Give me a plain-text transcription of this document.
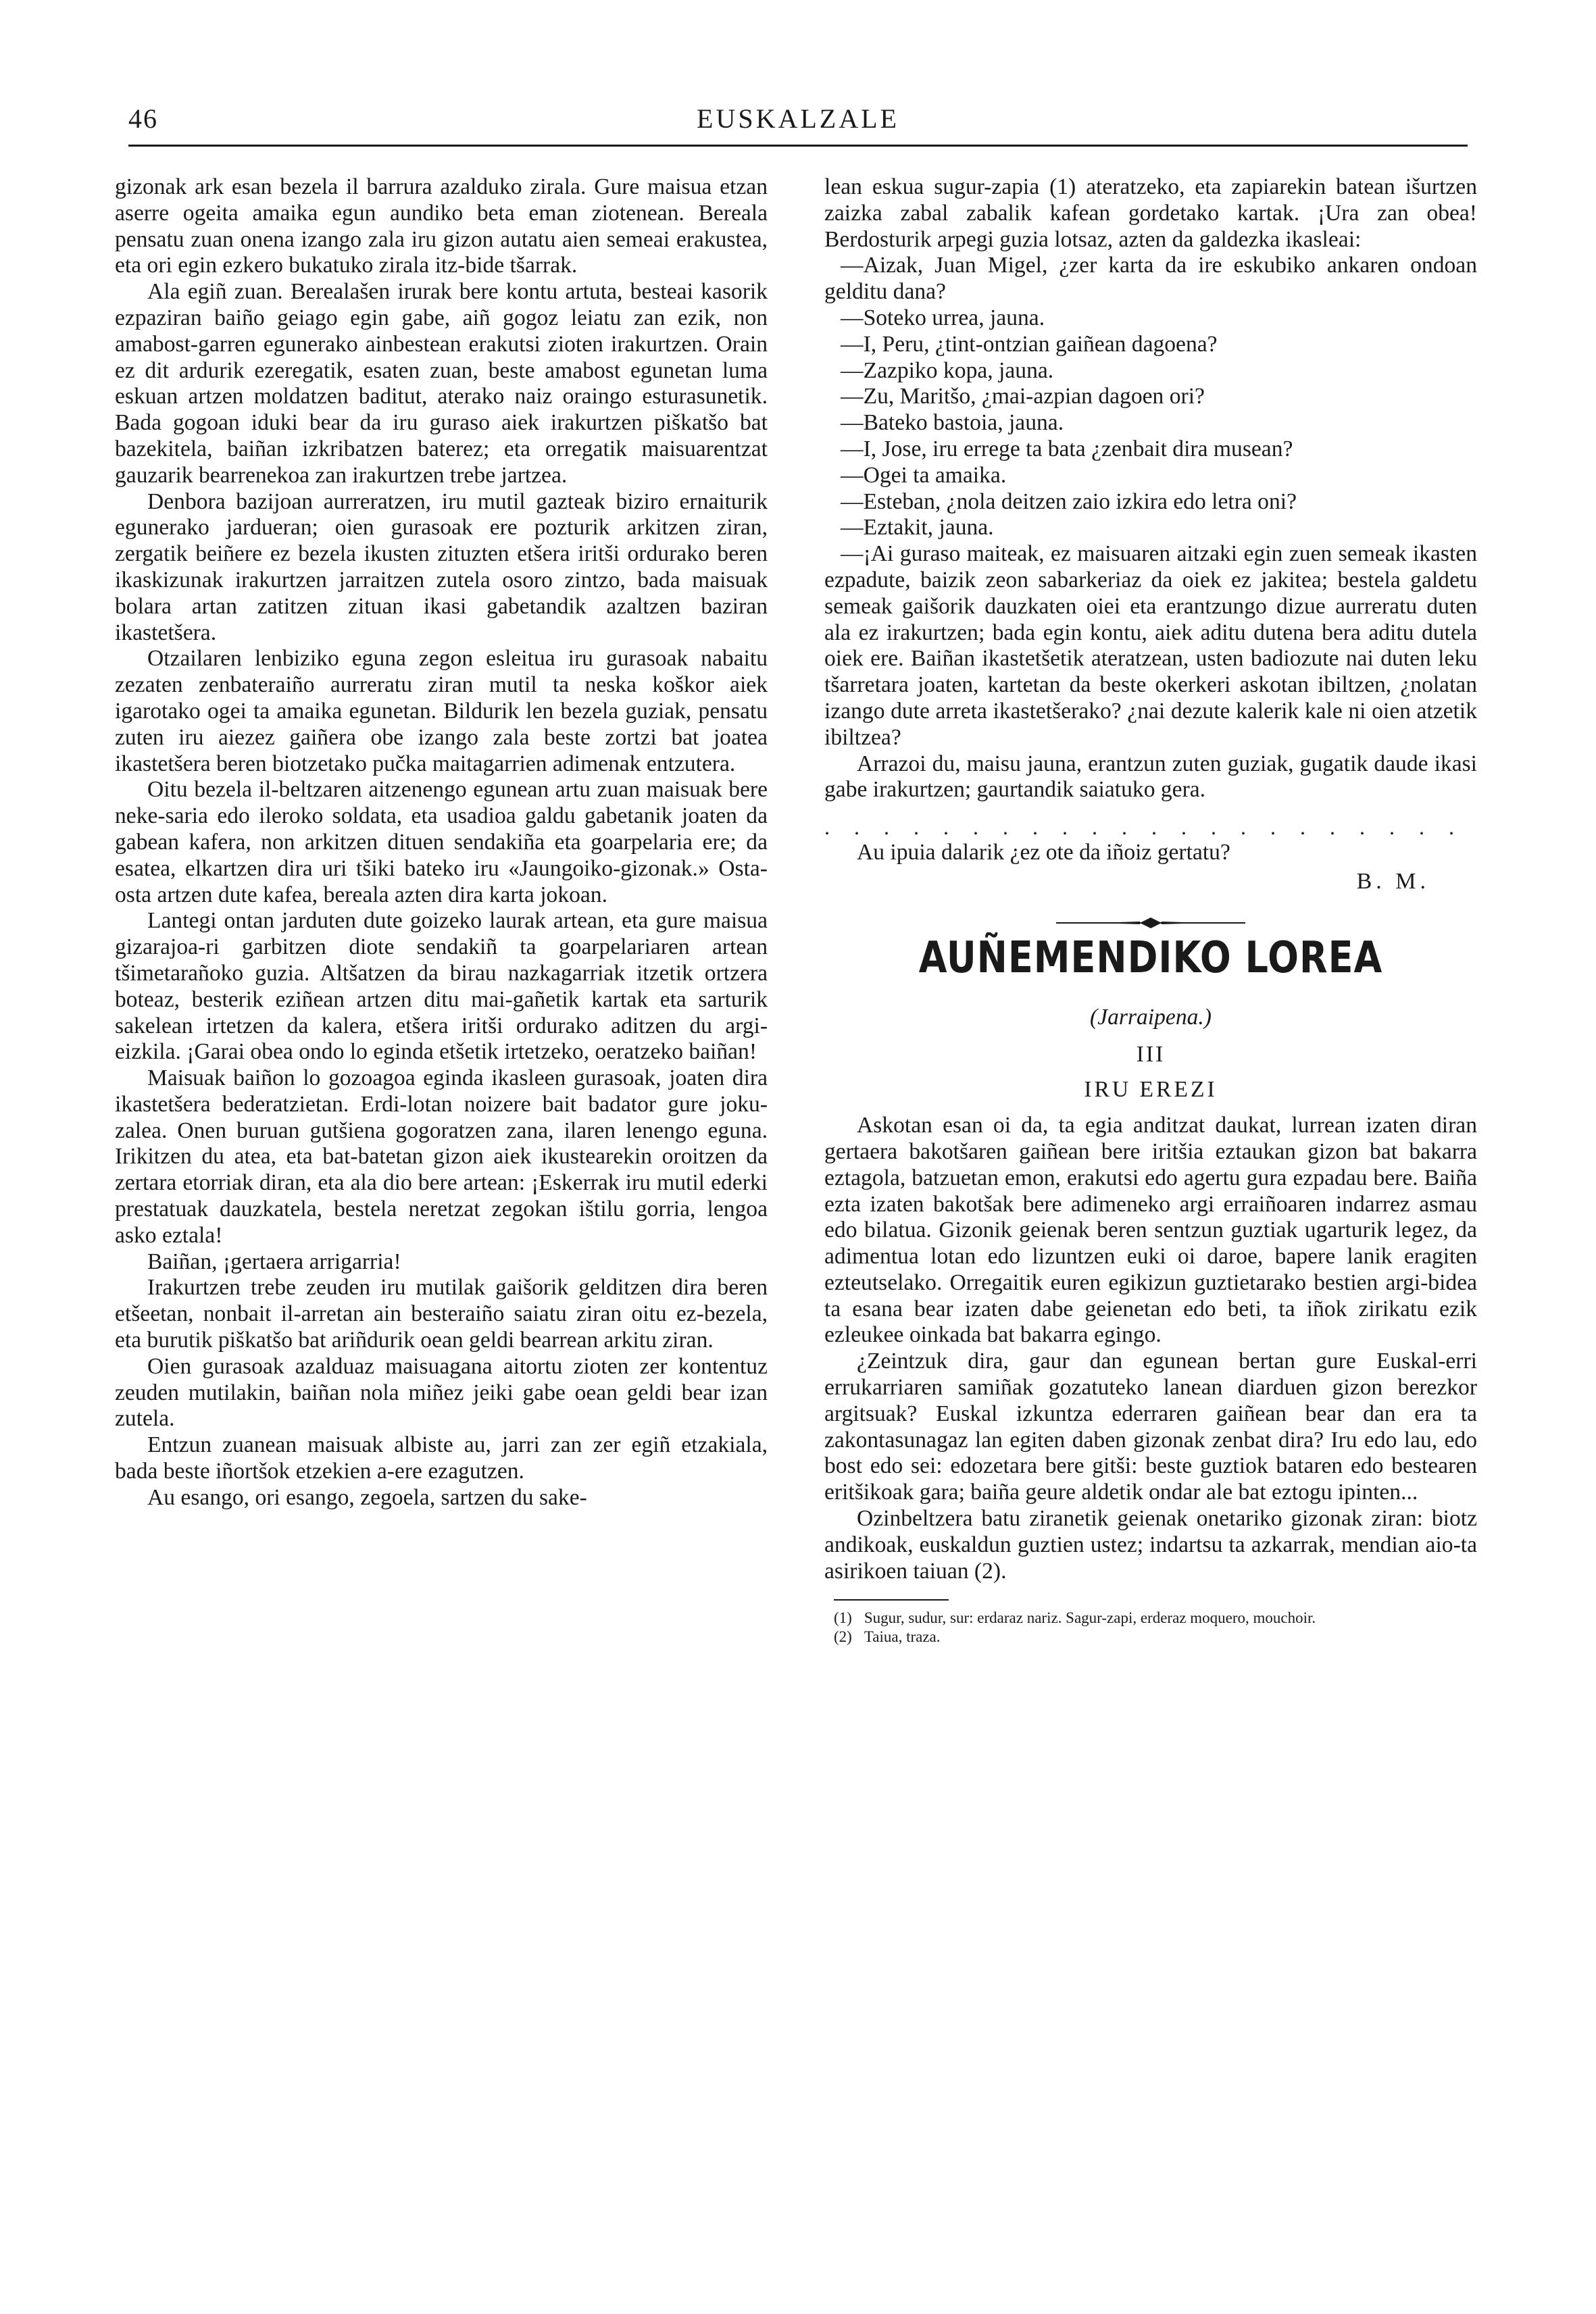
46	EUSKALZALE

gizonak ark esan bezela il barrura azalduko zirala. Gure maisua etzan aserre ogeita amaika egun aundiko beta eman ziotenean. Bereala pensatu zuan onena izango zala iru gizon autatu aien semeai erakustea, eta ori egin ezkero bukatuko zirala itz-bide tšarrak.

Ala egiñ zuan. Berealašen irurak bere kontu artuta, besteai kasorik ezpaziran baiño geiago egin gabe, aiñ gogoz leiatu zan ezik, non amabost-garren egunerako ainbestean erakutsi zioten irakurtzen. Orain ez dit ardurik ezeregatik, esaten zuan, beste amabost egunetan luma eskuan artzen moldatzen baditut, aterako naiz oraingo esturasunetik. Bada gogoan iduki bear da iru guraso aiek irakurtzen piškatšo bat bazekitela, baiñan izkribatzen baterez; eta orregatik maisuarentzat gauzarik bearrenekoa zan irakurtzen trebe jartzea.

Denbora bazijoan aurreratzen, iru mutil gazteak biziro ernaiturik egunerako jardueran; oien gurasoak ere pozturik arkitzen ziran, zergatik beiñere ez bezela ikusten zituzten etšera iritši ordurako beren ikaskizunak irakurtzen jarraitzen zutela osoro zintzo, bada maisuak bolara artan zatitzen zituan ikasi gabetandik azaltzen baziran ikastetšera.

Otzailaren lenbiziko eguna zegon esleitua iru gurasoak nabaitu zezaten zenbateraiño aurreratu ziran mutil ta neska koškor aiek igarotako ogei ta amaika egunetan. Bildurik len bezela guziak, pensatu zuten iru aiezez gaiñera obe izango zala beste zortzi bat joatea ikastetšera beren biotzetako pučka maitagarrien adimenak entzutera.

Oitu bezela il-beltzaren aitzenengo egunean artu zuan maisuak bere neke-saria edo ileroko soldata, eta usadioa galdu gabetanik joaten da gabean kafera, non arkitzen dituen sendakiña eta goarpelaria ere; da esatea, elkartzen dira uri tšiki bateko iru «Jaungoiko-gizonak.» Osta-osta artzen dute kafea, bereala azten dira karta jokoan.

Lantegi ontan jarduten dute goizeko laurak artean, eta gure maisua gizarajoa-ri garbitzen diote sendakiñ ta goarpelariaren artean tšimetarañoko guzia. Altšatzen da birau nazkagarriak itzetik ortzera boteaz, besterik eziñean artzen ditu mai-gañetik kartak eta sarturik sakelean irtetzen da kalera, etšera iritši ordurako aditzen du argi-eizkila. ¡Garai obea ondo lo eginda etšetik irtetzeko, oeratzeko baiñan!

Maisuak baiñon lo gozoagoa eginda ikasleen gurasoak, joaten dira ikastetšera bederatzietan. Erdi-lotan noizere bait badator gure joku-zalea. Onen buruan gutšiena gogoratzen zana, ilaren lenengo eguna. Irikitzen du atea, eta bat-batetan gizon aiek ikustearekin oroitzen da zertara etorriak diran, eta ala dio bere artean: ¡Eskerrak iru mutil ederki prestatuak dauzkatela, bestela neretzat zegokan ištilu gorria, lengoa asko eztala!

Baiñan, ¡gertaera arrigarria!

Irakurtzen trebe zeuden iru mutilak gaišorik gelditzen dira beren etšeetan, nonbait il-arretan ain besteraiño saiatu ziran oitu ez-bezela, eta burutik piškatšo bat ariñdurik oean geldi bearrean arkitu ziran.

Oien gurasoak azalduaz maisuagana aitortu zioten zer kontentuz zeuden mutilakin, baiñan nola miñez jeiki gabe oean geldi bear izan zutela.

Entzun zuanean maisuak albiste au, jarri zan zer egiñ etzakiala, bada beste iñortšok etzekien a-ere ezagutzen.

Au esango, ori esango, zegoela, sartzen du sake-

lean eskua sugur-zapia (1) ateratzeko, eta zapiarekin batean išurtzen zaizka zabal zabalik kafean gordetako kartak. ¡Ura zan obea! Berdosturik arpegi guzia lotsaz, azten da galdezka ikasleai:

—Aizak, Juan Migel, ¿zer karta da ire eskubiko ankaren ondoan gelditu dana?

—Soteko urrea, jauna.

—I, Peru, ¿tint-ontzian gaiñean dagoena?

—Zazpiko kopa, jauna.

—Zu, Maritšo, ¿mai-azpian dagoen ori?

—Bateko bastoia, jauna.

—I, Jose, iru errege ta bata ¿zenbait dira musean?

—Ogei ta amaika.

—Esteban, ¿nola deitzen zaio izkira edo letra oni?

—Eztakit, jauna.

—¡Ai guraso maiteak, ez maisuaren aitzaki egin zuen semeak ikasten ezpadute, baizik zeon sabarkeriaz da oiek ez jakitea; bestela galdetu semeak gaišorik dauzkaten oiei eta erantzungo dizue aurreratu duten ala ez irakurtzen; bada egin kontu, aiek aditu dutena bera aditu dutela oiek ere. Baiñan ikastetšetik ateratzean, usten badiozute nai duten leku tšarretara joaten, kartetan da beste okerkeri askotan ibiltzen, ¿nolatan izango dute arreta ikastetšerako? ¿nai dezute kalerik kale ni oien atzetik ibiltzea?

Arrazoi du, maisu jauna, erantzun zuten guziak, gugatik daude ikasi gabe irakurtzen; gaurtandik saiatuko gera.

. . . . . . . . . . . . . . . . . . . . . .

Au ipuia dalarik ¿ez ote da iñoiz gertatu?

B. M.
AUÑEMENDIKO LOREA
(Jarraipena.)
III
IRU EREZI

Askotan esan oi da, ta egia anditzat daukat, lurrean izaten diran gertaera bakotšaren gaiñean bere iritšia eztaukan gizon bat bakarra eztagola, batzuetan emon, erakutsi edo agertu gura ezpadau bere. Baiña ezta izaten bakotšak bere adimeneko argi erraiñoaren indarrez asmau edo bilatua. Gizonik geienak beren sentzun guztiak ugarturik legez, da adimentua lotan edo lizuntzen euki oi daroe, bapere lanik eragiten ezteutselako. Orregaitik euren egikizun guztietarako bestien argi-bidea ta esana bear izaten dabe geienetan edo beti, ta iñok zirikatu ezik ezleukee oinkada bat bakarra egingo.

¿Zeintzuk dira, gaur dan egunean bertan gure Euskal-erri errukarriaren samiñak gozatuteko lanean diarduen gizon berezkor argitsuak? Euskal izkuntza ederraren gaiñean bear dan era ta zakontasunagaz lan egiten daben gizonak zenbat dira? Iru edo lau, edo bost edo sei: edozetara bere gitši: beste guztiok bataren edo bestearen eritšikoak gara; baiña geure aldetik ondar ale bat eztogu ipinten...

Ozinbeltzera batu ziranetik geienak onetariko gizonak ziran: biotz andikoak, euskaldun guztien ustez; indartsu ta azkarrak, mendian aio-ta asirikoen taiuan (2).

(1) Sugur, sudur, sur: erdaraz nariz. Sagur-zapi, erderaz moquero, mouchoir.
(2) Taiua, traza.
